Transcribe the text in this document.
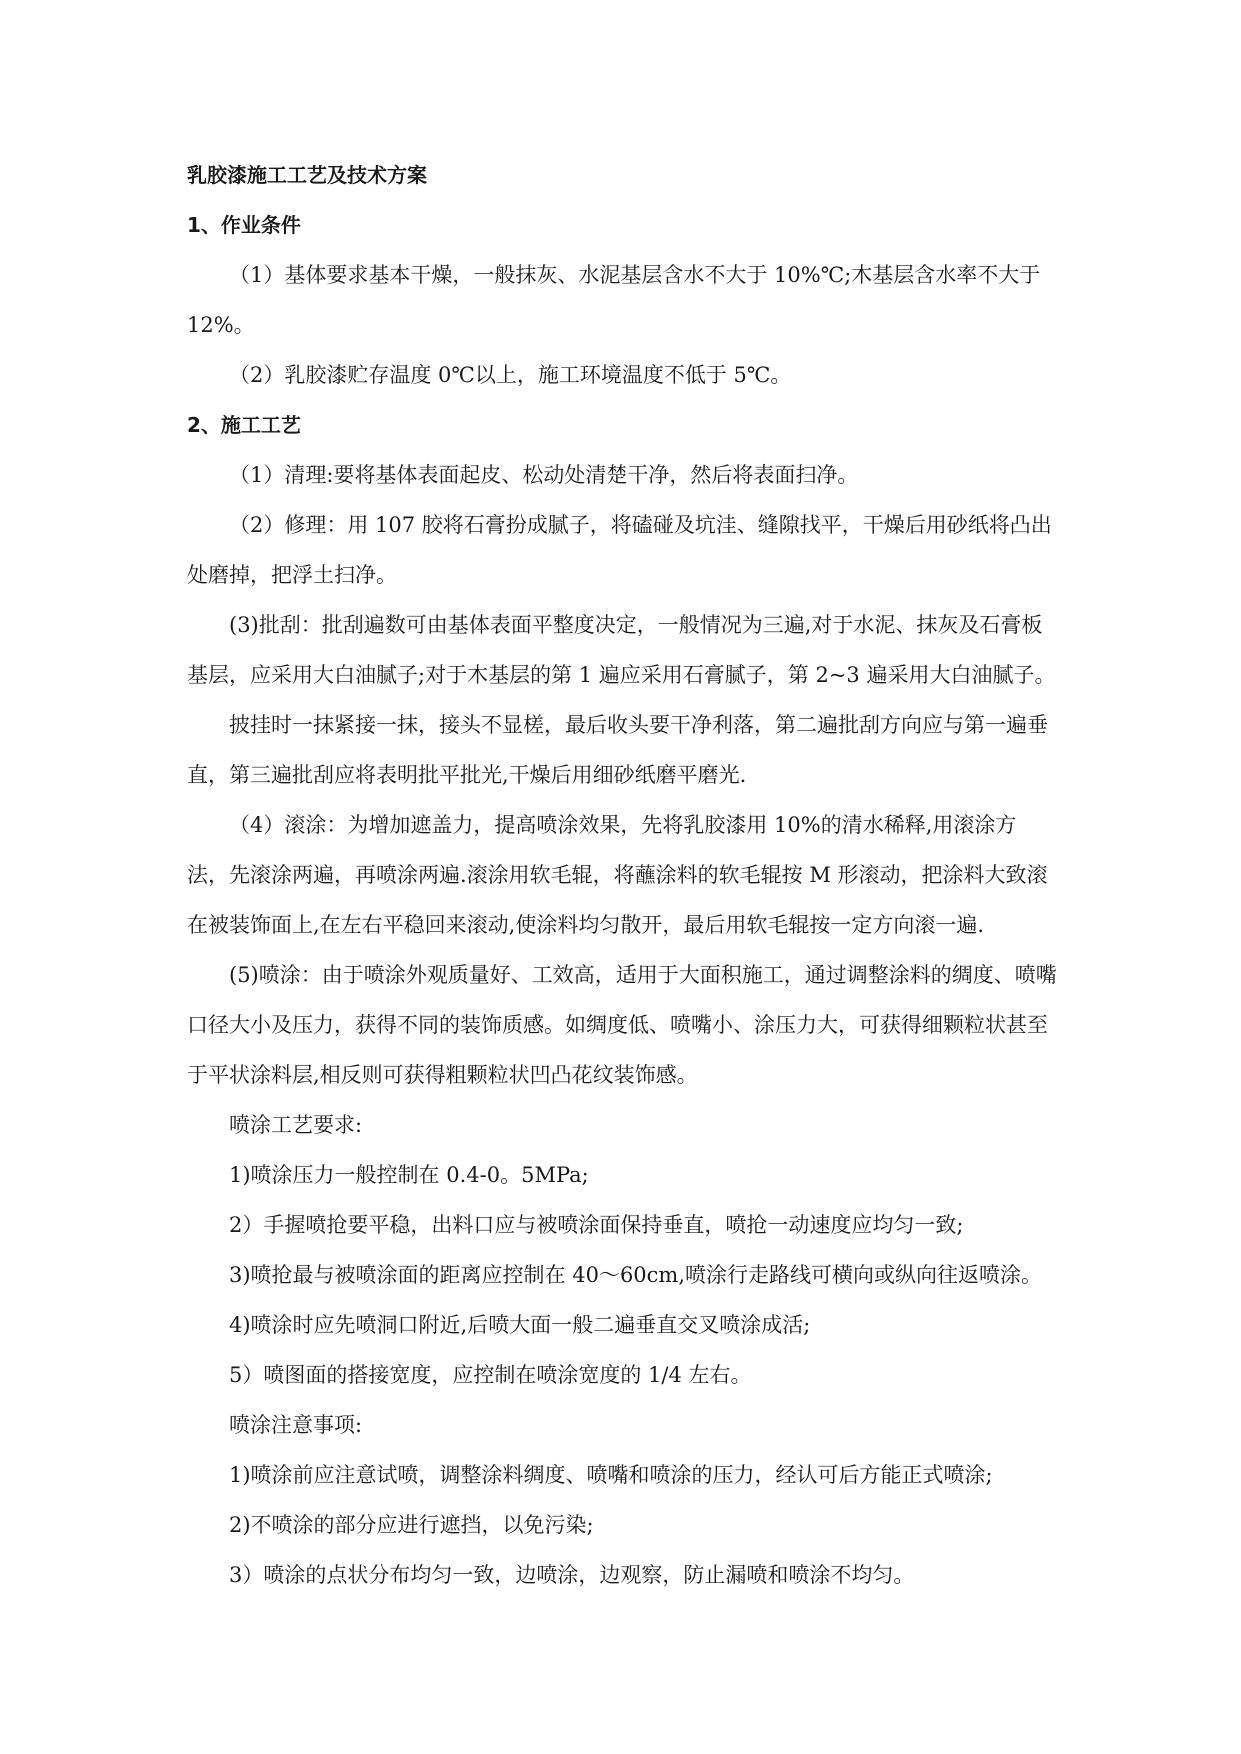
乳胶漆施工工艺及技术方案

1、作业条件

（1）基体要求基本干燥，一般抹灰、水泥基层含水不大于 10%℃;木基层含水率不大于 12%。

（2）乳胶漆贮存温度 0℃以上，施工环境温度不低于 5℃。

2、施工工艺

（1）清理:要将基体表面起皮、松动处清楚干净，然后将表面扫净。

（2）修理：用 107 胶将石膏扮成腻子，将磕碰及坑洼、缝隙找平，干燥后用砂纸将凸出处磨掉，把浮土扫净。

(3)批刮：批刮遍数可由基体表面平整度决定，一般情况为三遍,对于水泥、抹灰及石膏板基层，应采用大白油腻子;对于木基层的第 1 遍应采用石膏腻子，第 2~3 遍采用大白油腻子。

披挂时一抹紧接一抹，接头不显槎，最后收头要干净利落，第二遍批刮方向应与第一遍垂直，第三遍批刮应将表明批平批光,干燥后用细砂纸磨平磨光.

（4）滚涂：为增加遮盖力，提高喷涂效果，先将乳胶漆用 10%的清水稀释,用滚涂方法，先滚涂两遍，再喷涂两遍.滚涂用软毛辊，将蘸涂料的软毛辊按 M 形滚动，把涂料大致滚在被装饰面上,在左右平稳回来滚动,使涂料均匀散开，最后用软毛辊按一定方向滚一遍.

(5)喷涂：由于喷涂外观质量好、工效高，适用于大面积施工，通过调整涂料的绸度、喷嘴口径大小及压力，获得不同的装饰质感。如绸度低、喷嘴小、涂压力大，可获得细颗粒状甚至于平状涂料层,相反则可获得粗颗粒状凹凸花纹装饰感。

喷涂工艺要求:

1)喷涂压力一般控制在 0.4-0。5MPa;

2）手握喷抢要平稳，出料口应与被喷涂面保持垂直，喷抢一动速度应均匀一致;

3)喷抢最与被喷涂面的距离应控制在 40～60cm,喷涂行走路线可横向或纵向往返喷涂。

4)喷涂时应先喷洞口附近,后喷大面一般二遍垂直交叉喷涂成活;

5）喷图面的搭接宽度，应控制在喷涂宽度的 1/4 左右。

喷涂注意事项:

1)喷涂前应注意试喷，调整涂料绸度、喷嘴和喷涂的压力，经认可后方能正式喷涂;

2)不喷涂的部分应进行遮挡，以免污染;

3）喷涂的点状分布均匀一致，边喷涂，边观察，防止漏喷和喷涂不均匀。
